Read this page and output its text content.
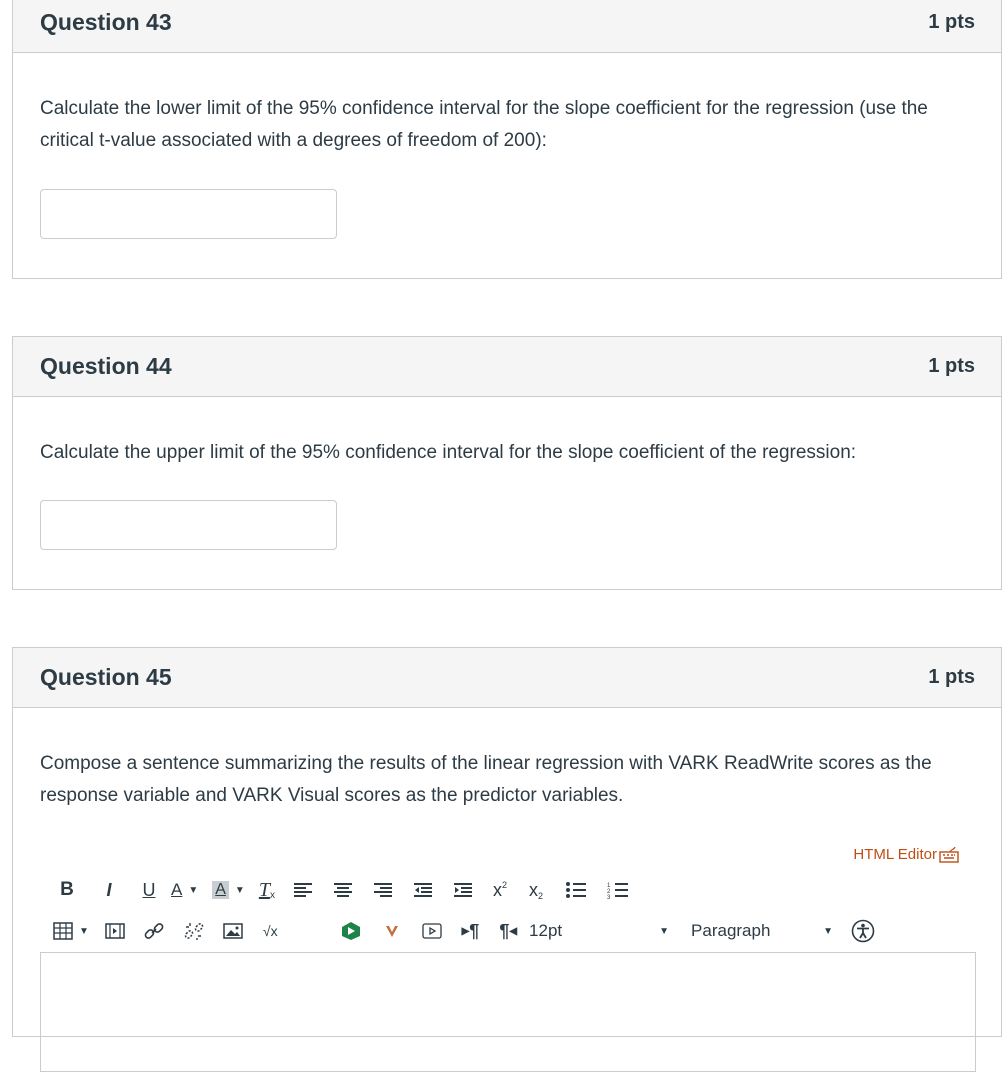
Question 43	1 pts
Calculate the lower limit of the 95% confidence interval for the slope coefficient for the regression (use the critical t-value associated with a degrees of freedom of 200):
Question 44	1 pts
Calculate the upper limit of the 95% confidence interval for the slope coefficient of the regression:
Question 45	1 pts
Compose a sentence summarizing the results of the linear regression with VARK ReadWrite scores as the response variable and VARK Visual scores as the predictor variables.
HTML Editor
B I U A ▼ A ▼ T x	x 2 x 2
1
2
3
▼	√x	▶ ¶ ¶ ◀ 12pt	▼ Paragraph	▼
